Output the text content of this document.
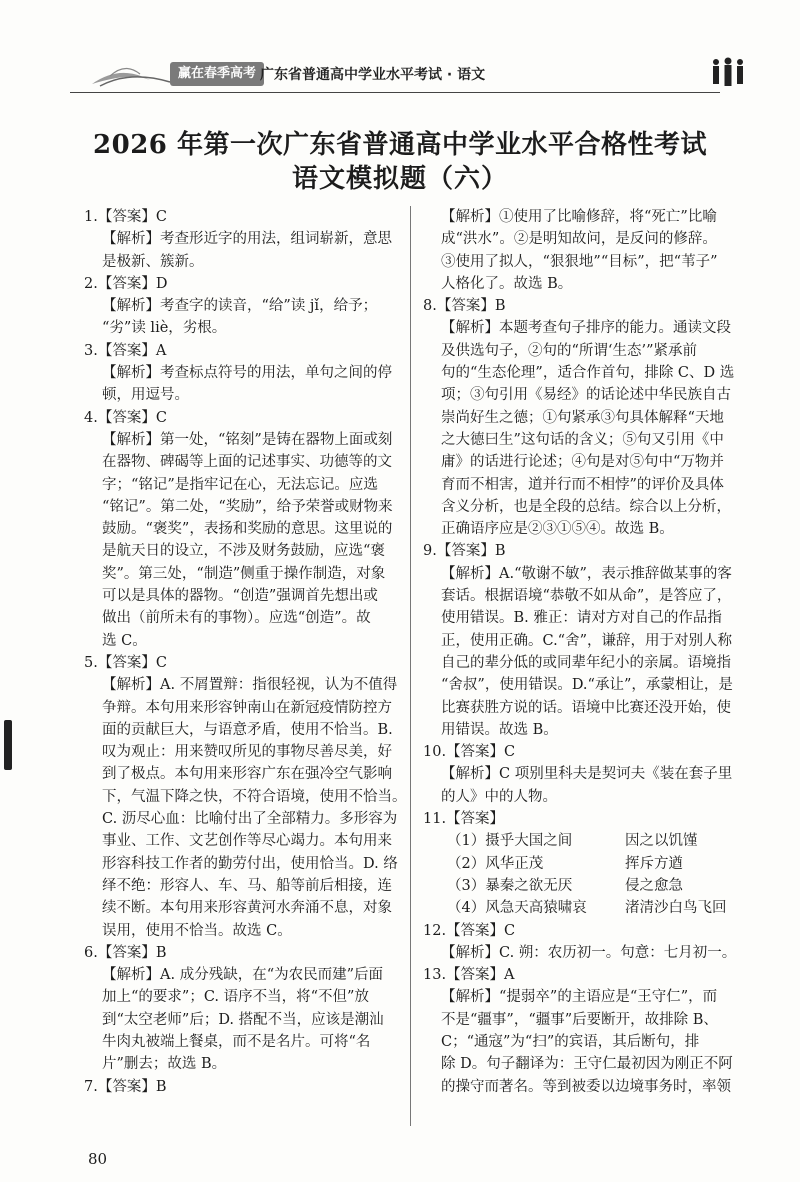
赢在春季高考 广东省普通高中学业水平考试 · 语文
2026 年第一次广东省普通高中学业水平合格性考试
语文模拟题（六）
1.【答案】C
【解析】考查形近字的用法，组词崭新，意思
是极新、簇新。
2.【答案】D
【解析】考查字的读音，“给”读 jǐ，给予；
“劣”读 liè，劣根。
3.【答案】A
【解析】考查标点符号的用法，单句之间的停
顿，用逗号。
4.【答案】C
【解析】第一处，“铭刻”是铸在器物上面或刻
在器物、碑碣等上面的记述事实、功德等的文
字；“铭记”是指牢记在心，无法忘记。应选
“铭记”。第二处，“奖励”，给予荣誉或财物来
鼓励。“褒奖”，表扬和奖励的意思。这里说的
是航天日的设立，不涉及财务鼓励，应选“褒
奖”。第三处，“制造”侧重于操作制造，对象
可以是具体的器物。“创造”强调首先想出或
做出（前所未有的事物）。应选“创造”。故
选 C。
5.【答案】C
【解析】A. 不屑置辩：指很轻视，认为不值得
争辩。本句用来形容钟南山在新冠疫情防控方
面的贡献巨大，与语意矛盾，使用不恰当。B.
叹为观止：用来赞叹所见的事物尽善尽美，好
到了极点。本句用来形容广东在强冷空气影响
下，气温下降之快，不符合语境，使用不恰当。
C. 沥尽心血：比喻付出了全部精力。多形容为
事业、工作、文艺创作等尽心竭力。本句用来
形容科技工作者的勤劳付出，使用恰当。D. 络
绎不绝：形容人、车、马、船等前后相接，连
续不断。本句用来形容黄河水奔涌不息，对象
误用，使用不恰当。故选 C。
6.【答案】B
【解析】A. 成分残缺，在“为农民而建”后面
加上“的要求”；C. 语序不当，将“不但”放
到“太空老师”后；D. 搭配不当，应该是潮汕
牛肉丸被端上餐桌，而不是名片。可将“名
片”删去；故选 B。
7.【答案】B
【解析】①使用了比喻修辞，将“死亡”比喻
成“洪水”。②是明知故问，是反问的修辞。
③使用了拟人，“狠狠地”“目标”，把“苇子”
人格化了。故选 B。
8.【答案】B
【解析】本题考查句子排序的能力。通读文段
及供选句子，②句的“所谓‘生态’”紧承前
句的“生态伦理”，适合作首句，排除 C、D 选
项；③句引用《易经》的话论述中华民族自古
崇尚好生之德；①句紧承③句具体解释“天地
之大德曰生”这句话的含义；⑤句又引用《中
庸》的话进行论述；④句是对⑤句中“万物并
育而不相害，道并行而不相悖”的评价及具体
含义分析，也是全段的总结。综合以上分析，
正确语序应是②③①⑤④。故选 B。
9.【答案】B
【解析】A.“敬谢不敏”，表示推辞做某事的客
套话。根据语境“恭敬不如从命”，是答应了，
使用错误。B. 雅正：请对方对自己的作品指
正，使用正确。C.“舍”，谦辞，用于对别人称
自己的辈分低的或同辈年纪小的亲属。语境指
“舍叔”，使用错误。D.“承让”，承蒙相让，是
比赛获胜方说的话。语境中比赛还没开始，使
用错误。故选 B。
10.【答案】C
【解析】C 项别里科夫是契诃夫《装在套子里
的人》中的人物。
11.【答案】
（1）摄乎大国之间	因之以饥馑
（2）风华正茂	挥斥方遒
（3）暴秦之欲无厌	侵之愈急
（4）风急天高猿啸哀	渚清沙白鸟飞回
12.【答案】C
【解析】C. 朔：农历初一。句意：七月初一。
13.【答案】A
【解析】“提弱卒”的主语应是“王守仁”，而
不是“疆事”，“疆事”后要断开，故排除 B、
C；“通寇”为“扫”的宾语，其后断句，排
除 D。句子翻译为：王守仁最初因为刚正不阿
的操守而著名。等到被委以边境事务时，率领
80
